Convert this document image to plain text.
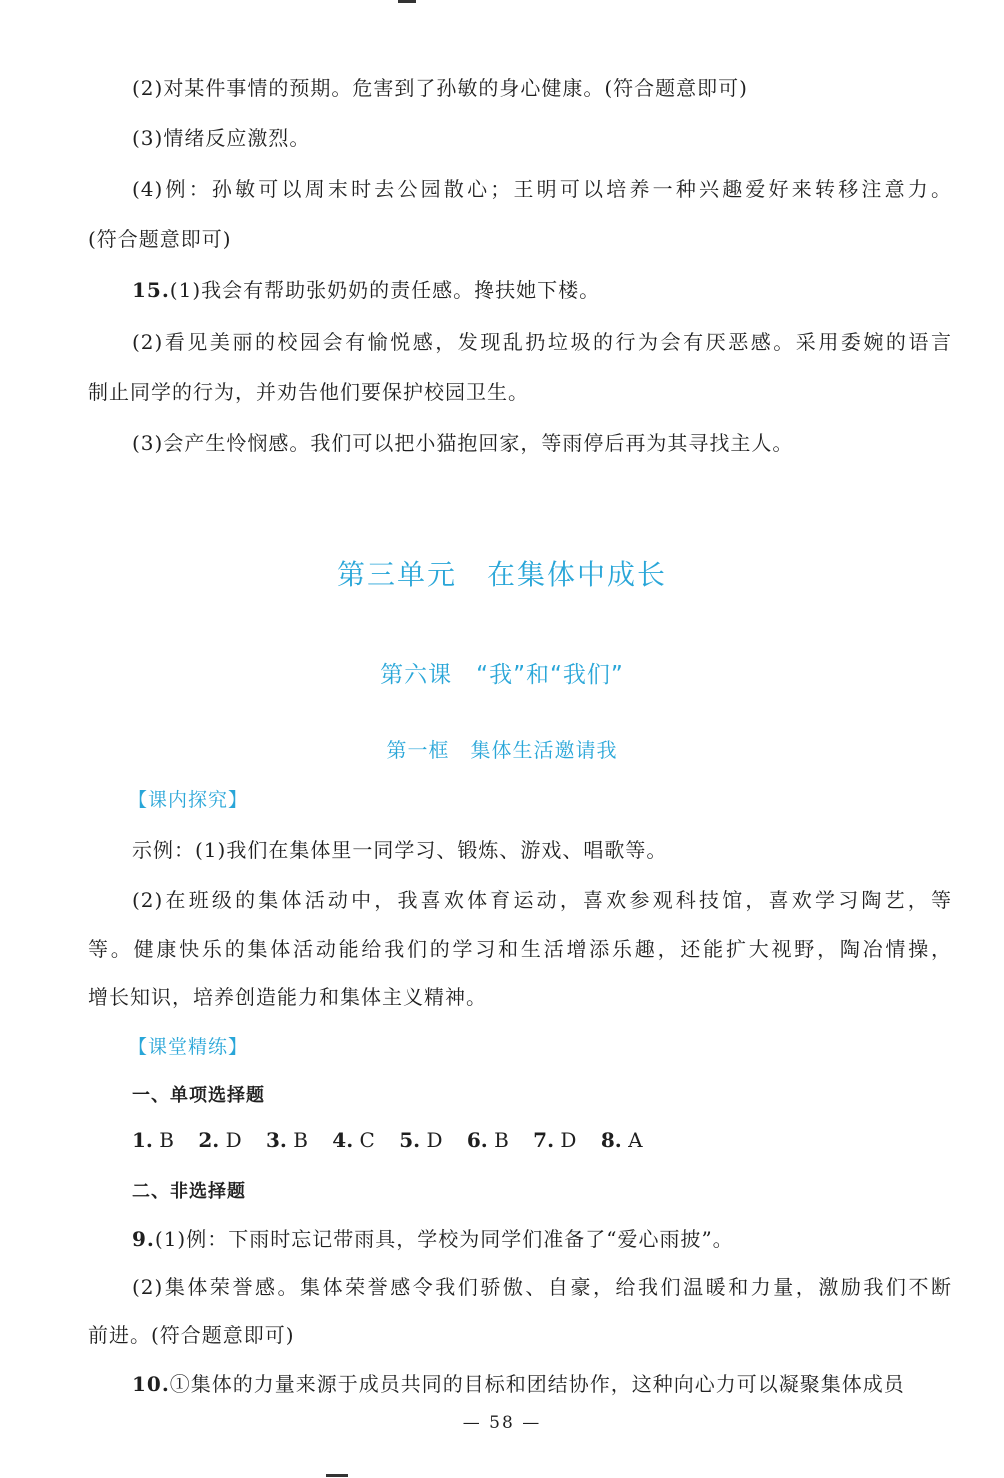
(2)对某件事情的预期。危害到了孙敏的身心健康。(符合题意即可)
(3)情绪反应激烈。
(4)例：孙敏可以周末时去公园散心；王明可以培养一种兴趣爱好来转移注意力。
(符合题意即可)
15.(1)我会有帮助张奶奶的责任感。搀扶她下楼。
(2)看见美丽的校园会有愉悦感，发现乱扔垃圾的行为会有厌恶感。采用委婉的语言
制止同学的行为，并劝告他们要保护校园卫生。
(3)会产生怜悯感。我们可以把小猫抱回家，等雨停后再为其寻找主人。
第三单元　在集体中成长
第六课　“我”和“我们”
第一框　集体生活邀请我
【课内探究】
示例：(1)我们在集体里一同学习、锻炼、游戏、唱歌等。
(2)在班级的集体活动中，我喜欢体育运动，喜欢参观科技馆，喜欢学习陶艺，等
等。健康快乐的集体活动能给我们的学习和生活增添乐趣，还能扩大视野，陶冶情操，
增长知识，培养创造能力和集体主义精神。
【课堂精练】
一、单项选择题
1. B 2. D 3. B 4. C 5. D 6. B 7. D 8. A
二、非选择题
9.(1)例：下雨时忘记带雨具，学校为同学们准备了“爱心雨披”。
(2)集体荣誉感。集体荣誉感令我们骄傲、自豪，给我们温暖和力量，激励我们不断
前进。(符合题意即可)
10.①集体的力量来源于成员共同的目标和团结协作，这种向心力可以凝聚集体成员
— 58 —
